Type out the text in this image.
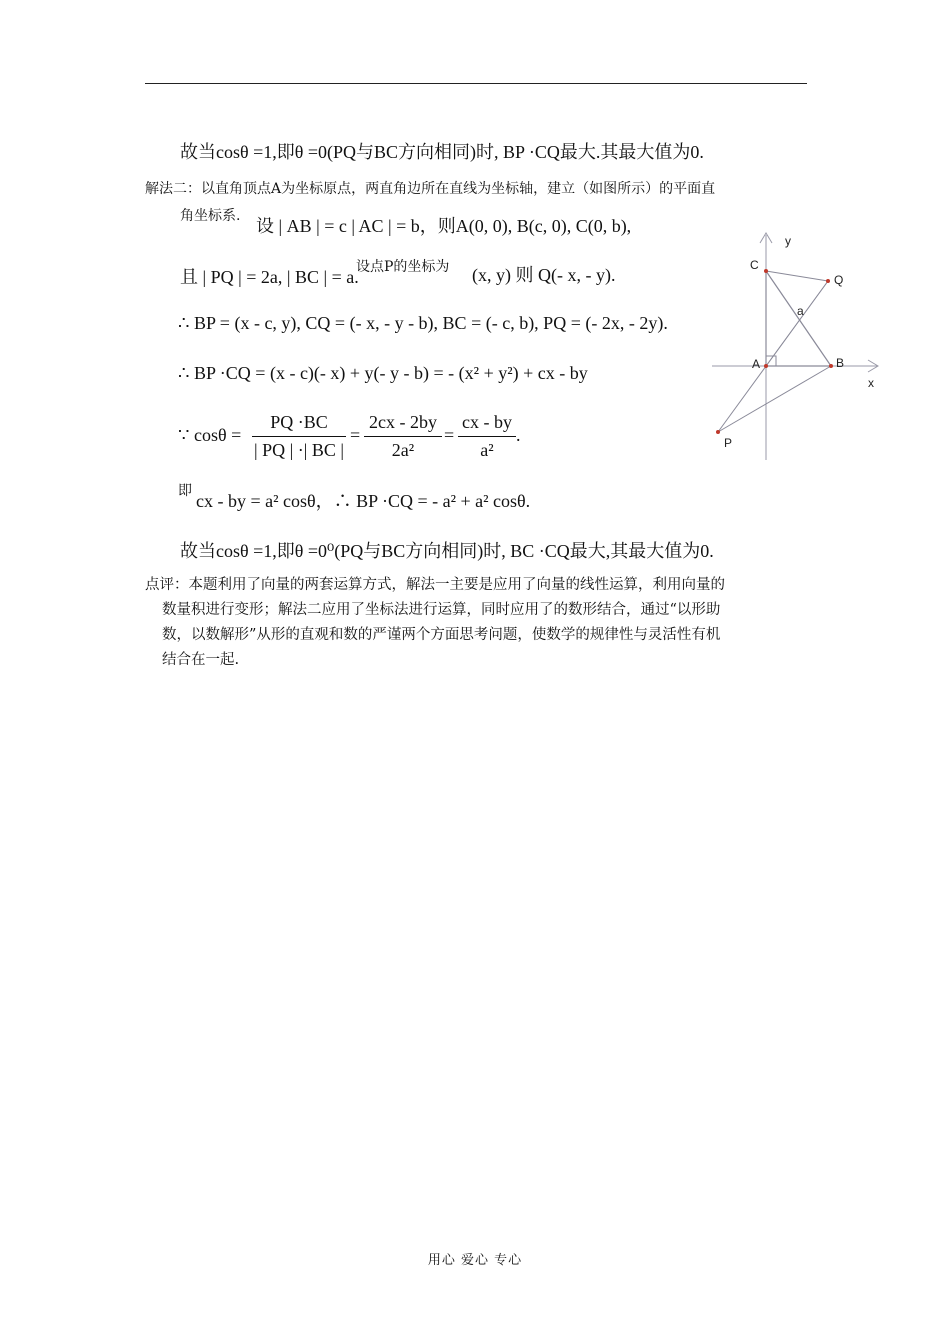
故当cosθ =1,即θ =0(PQ与BC方向相同)时, BP ·CQ最大.其最大值为0.
解法二：以直角顶点A为坐标原点，两直角边所在直线为坐标轴，建立（如图所示）的平面直
角坐标系. 设 | AB | = c | AC | = b，则A(0, 0), B(c, 0), C(0, b),
且 | PQ | = 2a, | BC | = a.
设点P的坐标为 (x, y) 则 Q(- x, - y).
∴ BP = (x - c, y), CQ = (- x, - y - b), BC = (- c, b), PQ = (- 2x, - 2y).
∴ BP ·CQ = (x - c)(- x) + y(- y - b) = - (x² + y²) + cx - by
∵ cosθ =
PQ ·BC
| PQ | ·| BC |
=
2cx - 2by
2a²
=
cx - by
a²
.
即 cx - by = a² cosθ，∴ BP ·CQ = - a² + a² cosθ.
故当cosθ =1,即θ =0⁰(PQ与BC方向相同)时, BC ·CQ最大,其最大值为0.
点评：本题利用了向量的两套运算方式，解法一主要是应用了向量的线性运算，利用向量的
数量积进行变形；解法二应用了坐标法进行运算，同时应用了的数形结合，通过“以形助
数，以数解形”从形的直观和数的严谨两个方面思考问题，使数学的规律性与灵活性有机
结合在一起.
y
x
C
Q
a
A	B
P
用心 爱心 专心
